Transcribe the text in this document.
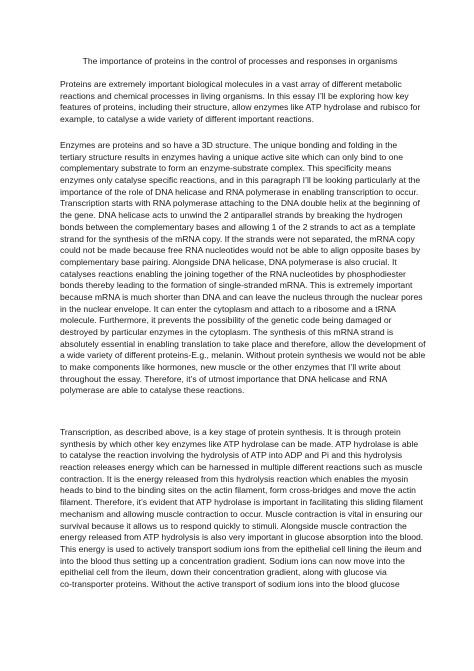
The importance of proteins in the control of processes and responses in organisms
Proteins are extremely important biological molecules in a vast array of different metabolic
reactions and chemical processes in living organisms. In this essay I’ll be exploring how key
features of proteins, including their structure, allow enzymes like ATP hydrolase and rubisco for
example, to catalyse a wide variety of different important reactions.
Enzymes are proteins and so have a 3D structure. The unique bonding and folding in the
tertiary structure results in enzymes having a unique active site which can only bind to one
complementary substrate to form an enzyme-substrate complex. This specificity means
enzymes only catalyse specific reactions, and in this paragraph I’ll be looking particularly at the
importance of the role of DNA helicase and RNA polymerase in enabling transcription to occur.
Transcription starts with RNA polymerase attaching to the DNA double helix at the beginning of
the gene. DNA helicase acts to unwind the 2 antiparallel strands by breaking the hydrogen
bonds between the complementary bases and allowing 1 of the 2 strands to act as a template
strand for the synthesis of the mRNA copy. If the strands were not separated, the mRNA copy
could not be made because free RNA nucleotides would not be able to align opposite bases by
complementary base pairing. Alongside DNA helicase, DNA polymerase is also crucial. It
catalyses reactions enabling the joining together of the RNA nucleotides by phosphodiester
bonds thereby leading to the formation of single-stranded mRNA. This is extremely important
because mRNA is much shorter than DNA and can leave the nucleus through the nuclear pores
in the nuclear envelope. It can enter the cytoplasm and attach to a ribosome and a tRNA
molecule. Furthermore, it prevents the possibility of the genetic code being damaged or
destroyed by particular enzymes in the cytoplasm. The synthesis of this mRNA strand is
absolutely essential in enabling translation to take place and therefore, allow the development of
a wide variety of different proteins-E.g., melanin. Without protein synthesis we would not be able
to make components like hormones, new muscle or the other enzymes that I’ll write about
throughout the essay. Therefore, it’s of utmost importance that DNA helicase and RNA
polymerase are able to catalyse these reactions.
Transcription, as described above, is a key stage of protein synthesis. It is through protein
synthesis by which other key enzymes like ATP hydrolase can be made. ATP hydrolase is able
to catalyse the reaction involving the hydrolysis of ATP into ADP and Pi and this hydrolysis
reaction releases energy which can be harnessed in multiple different reactions such as muscle
contraction. It is the energy released from this hydrolysis reaction which enables the myosin
heads to bind to the binding sites on the actin filament, form cross-bridges and move the actin
filament. Therefore, it’s evident that ATP hydrolase is important in facilitating this sliding filament
mechanism and allowing muscle contraction to occur. Muscle contraction is vital in ensuring our
survival because it allows us to respond quickly to stimuli. Alongside muscle contraction the
energy released from ATP hydrolysis is also very important in glucose absorption into the blood.
This energy is used to actively transport sodium ions from the epithelial cell lining the ileum and
into the blood thus setting up a concentration gradient. Sodium ions can now move into the
epithelial cell from the ileum, down their concentration gradient, along with glucose via
co-transporter proteins. Without the active transport of sodium ions into the blood glucose
